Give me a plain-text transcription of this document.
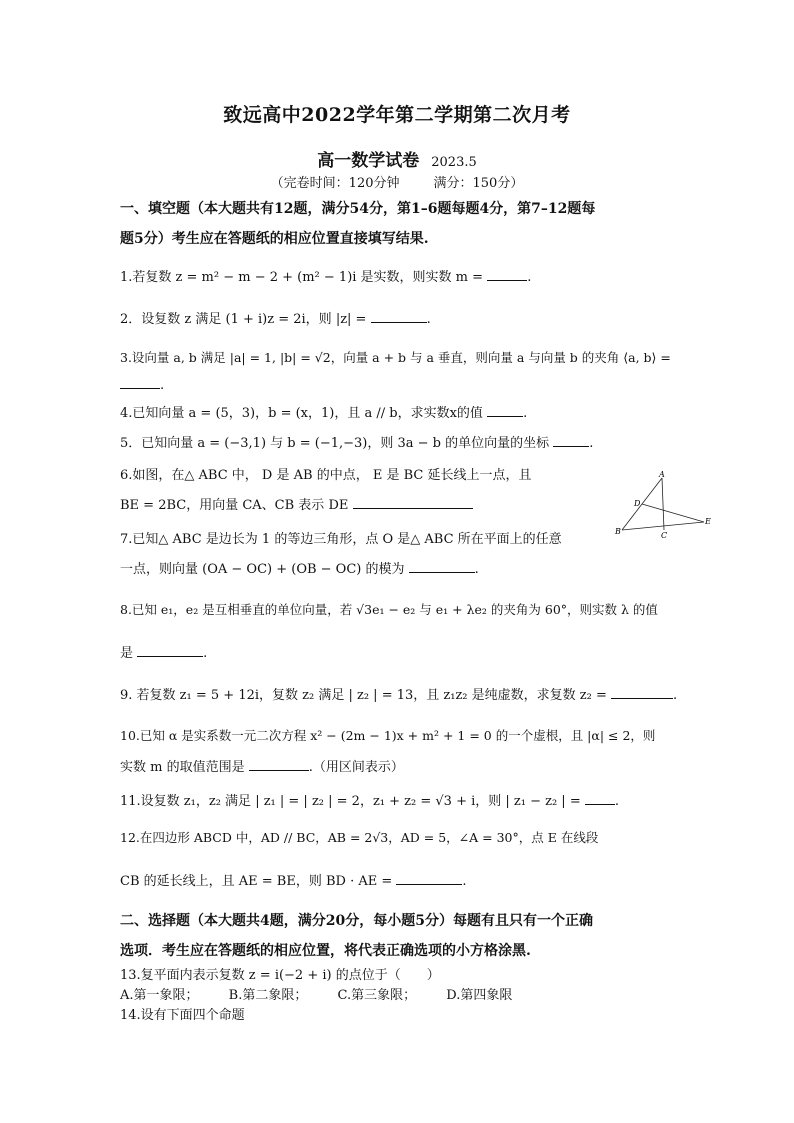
致远高中2022学年第二学期第二次月考
高一数学试卷 2023.5
（完卷时间：120分钟	满分：150分）
一、填空题（本大题共有12题，满分54分，第1–6题每题4分，第7–12题每
题5分）考生应在答题纸的相应位置直接填写结果.
1.若复数 z = m² − m − 2 + (m² − 1)i 是实数，则实数 m =	.
2．设复数 z 满足 (1 + i)z = 2i，则 |z| =	.
3.设向量 a, b 满足 |a| = 1, |b| = √2，向量 a + b 与 a 垂直，则向量 a 与向量 b 的夹角 ⟨a, b⟩ =
.
4.已知向量 a = (5，3)，b = (x，1)，且 a // b，求实数x的值	.
5．已知向量 a = (−3,1) 与 b = (−1,−3)，则 3a − b 的单位向量的坐标	.
6.如图，在△ ABC 中， D 是 AB 的中点， E 是 BC 延长线上一点，且
BE = 2BC，用向量 CA、CB 表示 DE
A
B	C
D
E
7.已知△ ABC 是边长为 1 的等边三角形，点 O 是△ ABC 所在平面上的任意
一点，则向量 (OA − OC) + (OB − OC) 的模为	.
8.已知 e₁，e₂ 是互相垂直的单位向量，若 √3e₁ − e₂ 与 e₁ + λe₂ 的夹角为 60°，则实数 λ 的值
是	.
9. 若复数 z₁ = 5 + 12i，复数 z₂ 满足 | z₂ | = 13，且 z₁z₂ 是纯虚数，求复数 z₂ =	.
10.已知 α 是实系数一元二次方程 x² − (2m − 1)x + m² + 1 = 0 的一个虚根，且 |α| ≤ 2，则
实数 m 的取值范围是	.（用区间表示）
11.设复数 z₁，z₂ 满足 | z₁ | = | z₂ | = 2，z₁ + z₂ = √3 + i，则 | z₁ − z₂ | =	.
12.在四边形 ABCD 中，AD // BC，AB = 2√3，AD = 5，∠A = 30°，点 E 在线段
CB 的延长线上，且 AE = BE，则 BD · AE =	.
二、选择题（本大题共4题，满分20分，每小题5分）每题有且只有一个正确
选项．考生应在答题纸的相应位置，将代表正确选项的小方格涂黑.
13.复平面内表示复数 z = i(−2 + i) 的点位于（　　）
A.第一象限； B.第二象限； C.第三象限； D.第四象限
14.设有下面四个命题
